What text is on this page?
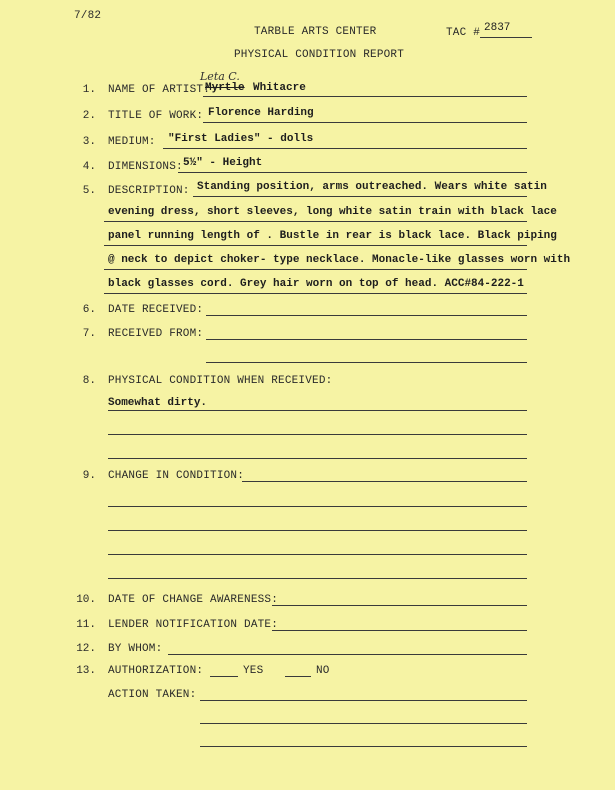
7/82
TARBLE ARTS CENTER	TAC # 2837
PHYSICAL CONDITION REPORT
Leta C.
1. NAME OF ARTIST:
Myrtle Whitacre
2. TITLE OF WORK: Florence Harding
3. MEDIUM: "First Ladies" - dolls
4. DIMENSIONS: 5½" - Height
5. DESCRIPTION: Standing position, arms outreached. Wears white satin
evening dress, short sleeves, long white satin train with black lace
panel running length of . Bustle in rear is black lace. Black piping
@ neck to depict choker- type necklace. Monacle-like glasses worn with
black glasses cord. Grey hair worn on top of head. ACC#84-222-1
6. DATE RECEIVED:
7. RECEIVED FROM:
8. PHYSICAL CONDITION WHEN RECEIVED:
Somewhat dirty.
9. CHANGE IN CONDITION:
10. DATE OF CHANGE AWARENESS:
11. LENDER NOTIFICATION DATE:
12. BY WHOM:
13. AUTHORIZATION:	YES	NO
ACTION TAKEN:
